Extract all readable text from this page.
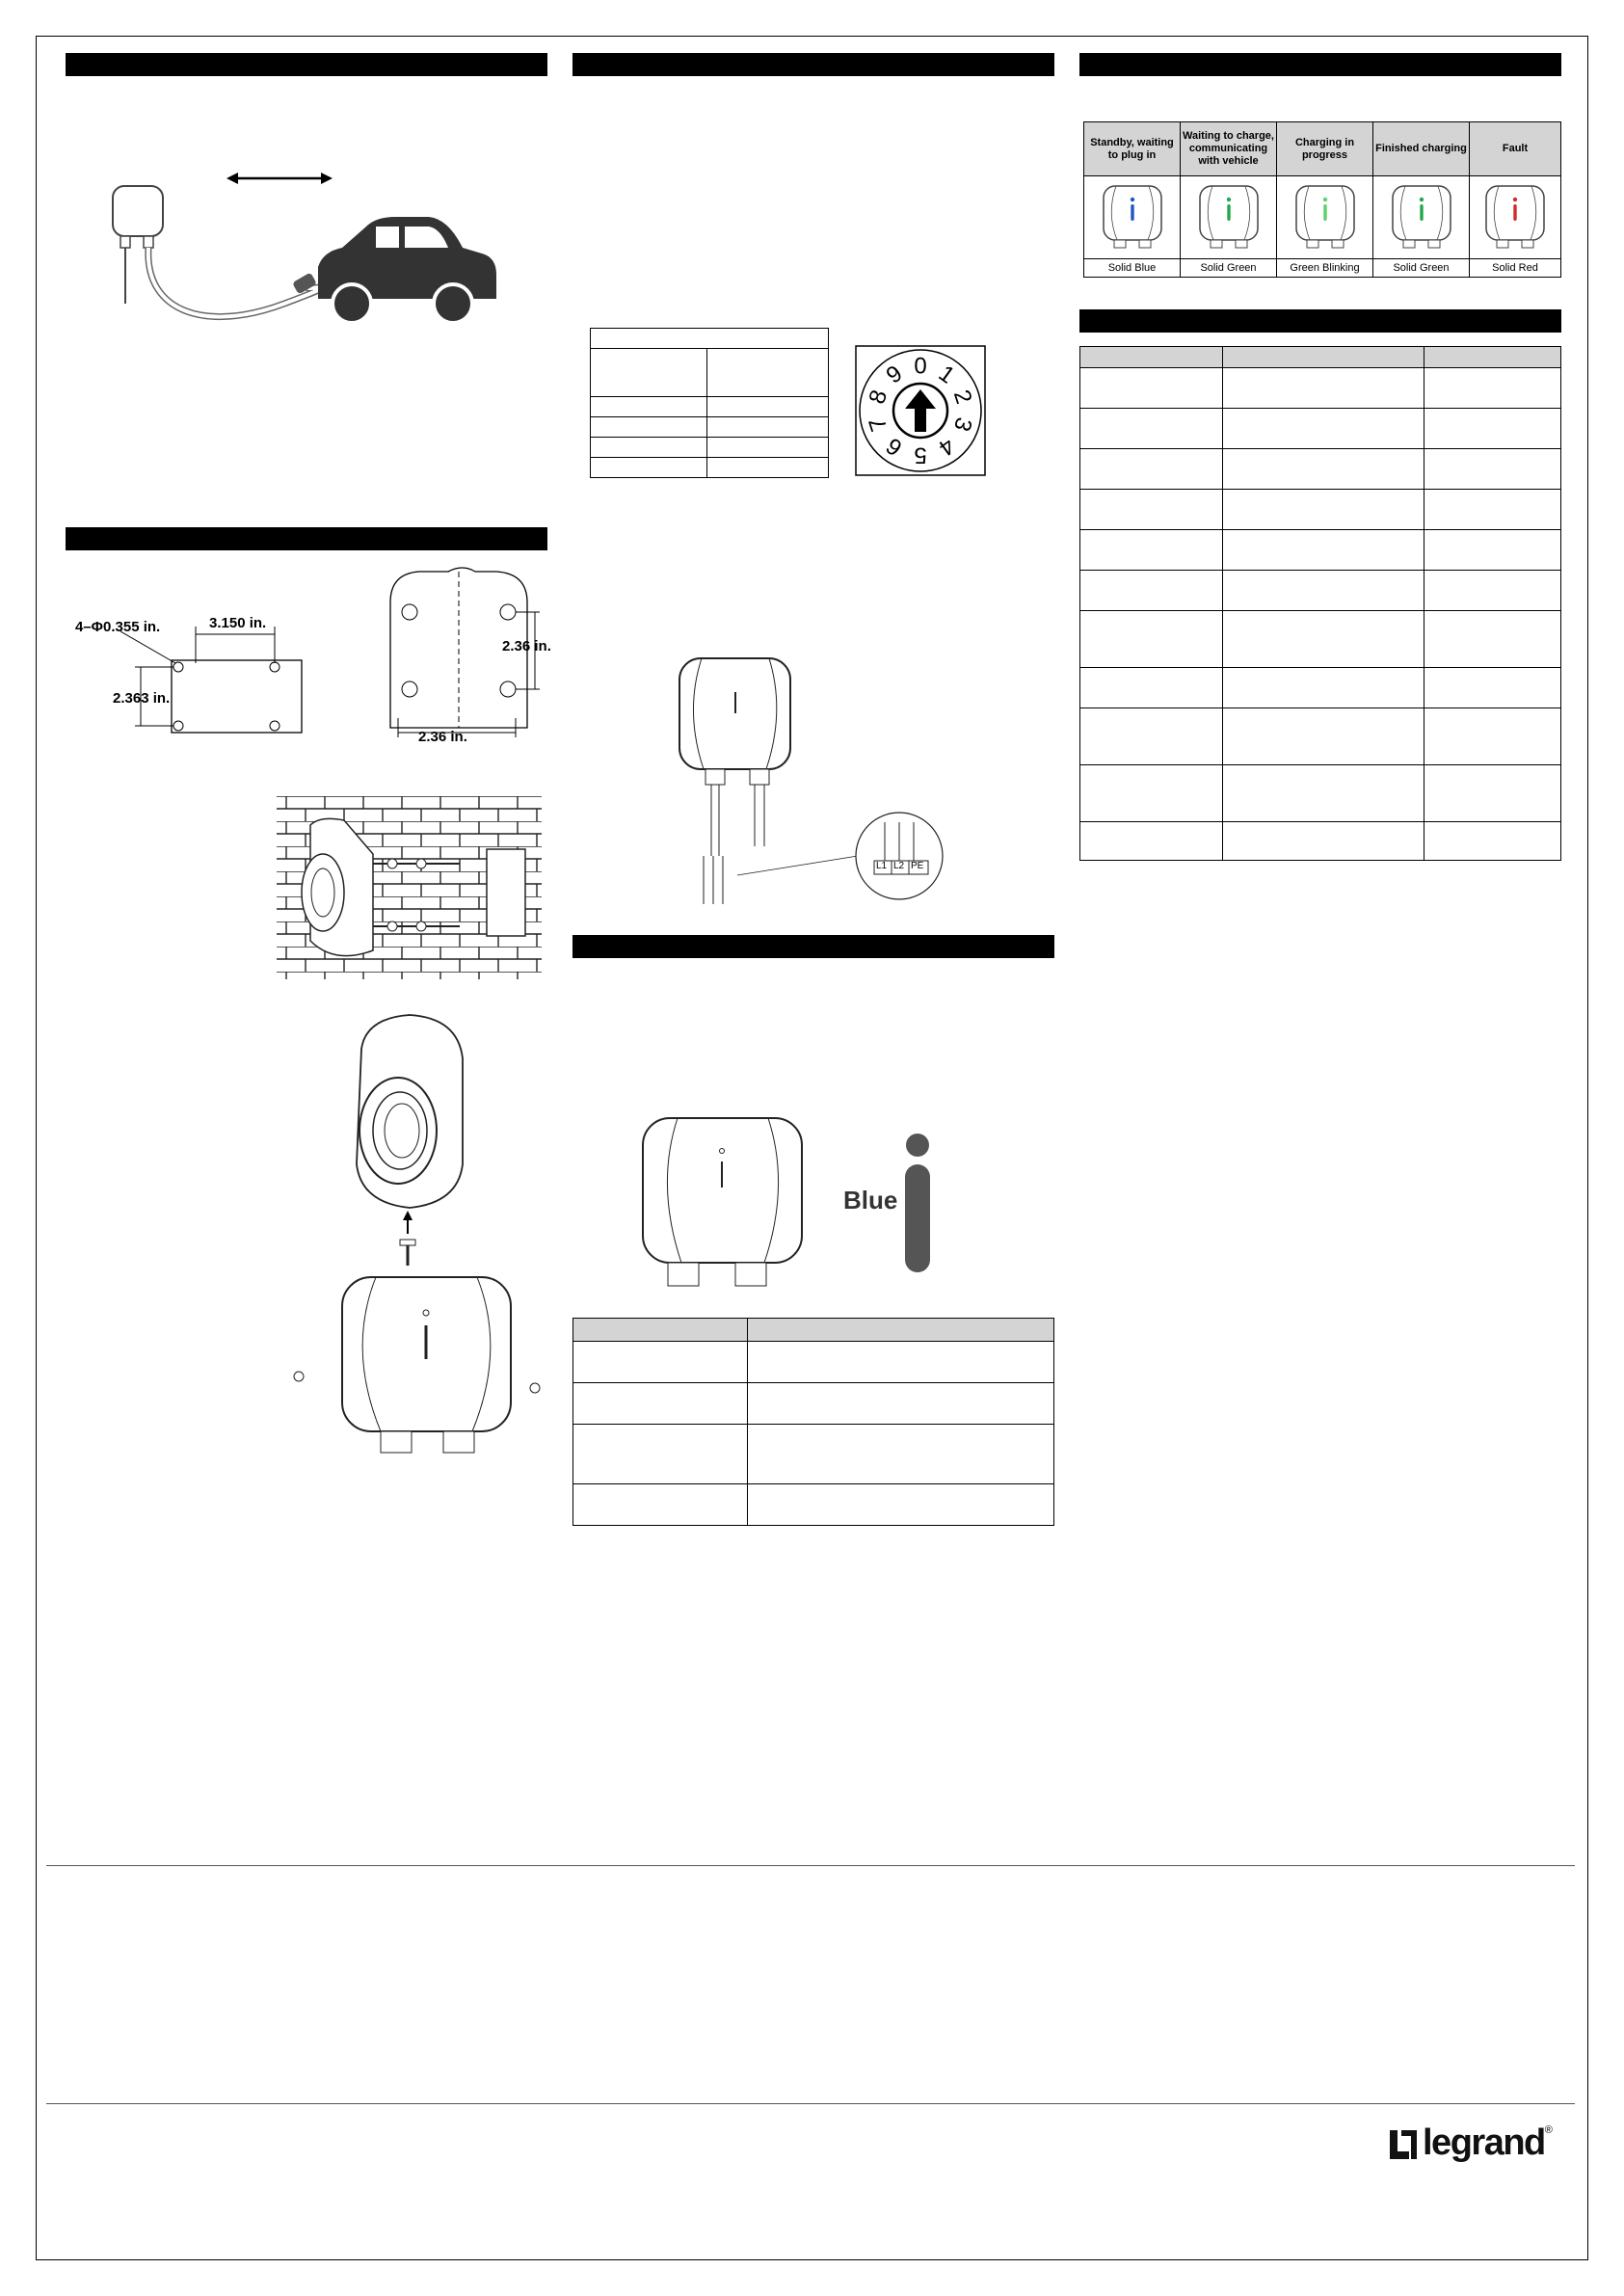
4–Φ0.355 in.	3.150 in.
2.363 in.
2.36 in.
2.36 in.

0 1
2
3
4
5
6
7
8
9
L1 L2 PE
Blue

Standby, waiting to plug in	Waiting to charge, communicating with vehicle	Charging in progress	Finished charging	Fault

Solid Blue	Solid Green	Green Blinking	Solid Green	Solid Red

legrand ®
